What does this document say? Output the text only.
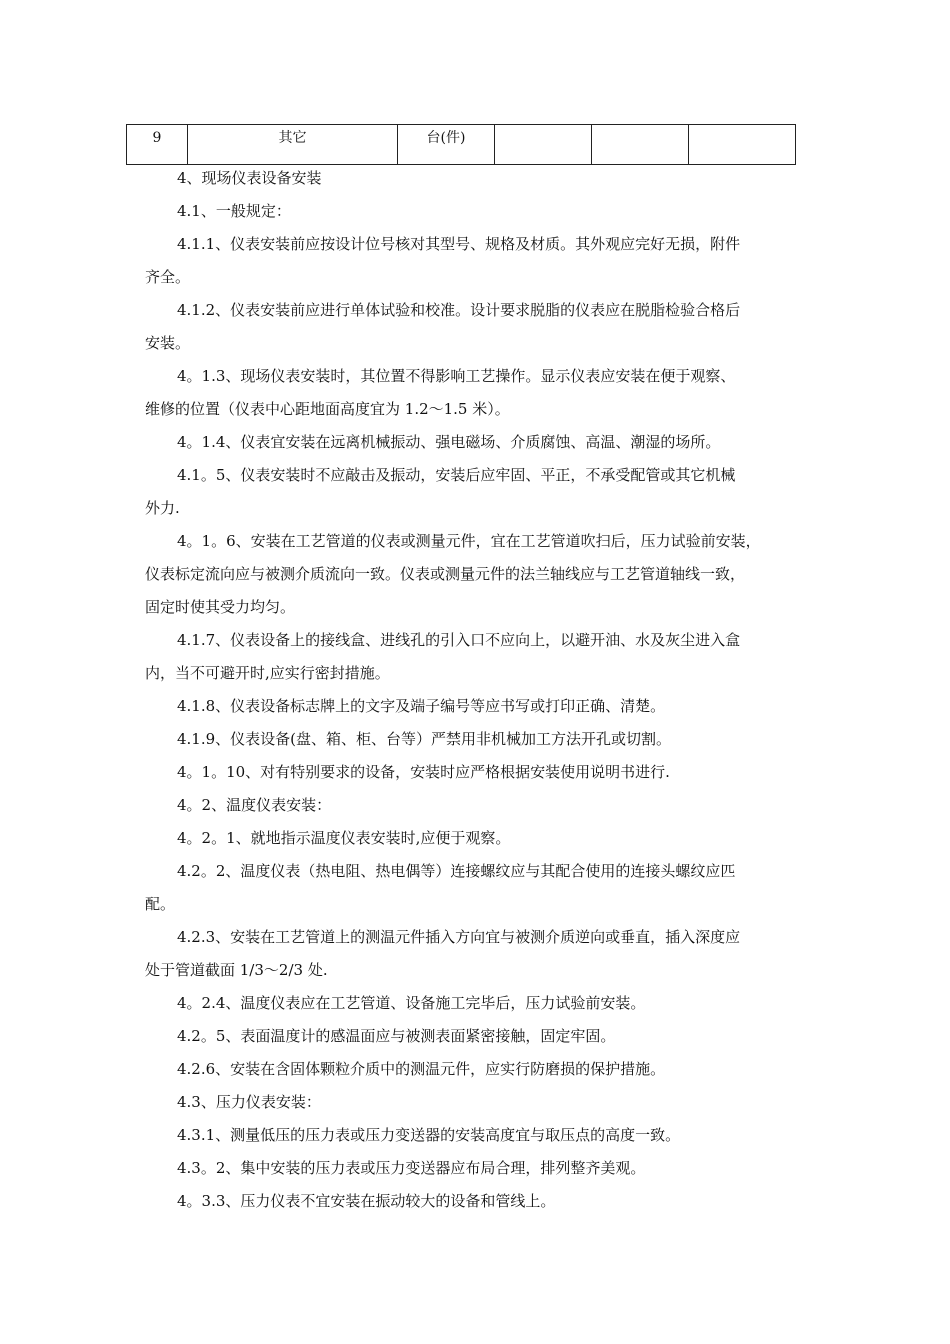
9	其它	台(件)			

4、现场仪表设备安装

4.1、一般规定：

4.1.1、仪表安装前应按设计位号核对其型号、规格及材质。其外观应完好无损，附件

齐全。

4.1.2、仪表安装前应进行单体试验和校准。设计要求脱脂的仪表应在脱脂检验合格后

安装。

4。1.3、现场仪表安装时，其位置不得影响工艺操作。显示仪表应安装在便于观察、

维修的位置（仪表中心距地面高度宜为 1.2～1.5 米）。

4。1.4、仪表宜安装在远离机械振动、强电磁场、介质腐蚀、高温、潮湿的场所。

4.1。5、仪表安装时不应敲击及振动，安装后应牢固、平正，不承受配管或其它机械

外力.

4。1。6、安装在工艺管道的仪表或测量元件，宜在工艺管道吹扫后，压力试验前安装，

仪表标定流向应与被测介质流向一致。仪表或测量元件的法兰轴线应与工艺管道轴线一致，

固定时使其受力均匀。

4.1.7、仪表设备上的接线盒、进线孔的引入口不应向上，以避开油、水及灰尘进入盒

内，当不可避开时,应实行密封措施。

4.1.8、仪表设备标志牌上的文字及端子编号等应书写或打印正确、清楚。

4.1.9、仪表设备(盘、箱、柜、台等）严禁用非机械加工方法开孔或切割。

4。1。10、对有特别要求的设备，安装时应严格根据安装使用说明书进行.

4。2、温度仪表安装：

4。2。1、就地指示温度仪表安装时,应便于观察。

4.2。2、温度仪表（热电阻、热电偶等）连接螺纹应与其配合使用的连接头螺纹应匹

配。

4.2.3、安装在工艺管道上的测温元件插入方向宜与被测介质逆向或垂直，插入深度应

处于管道截面 1/3～2/3 处.

4。2.4、温度仪表应在工艺管道、设备施工完毕后，压力试验前安装。

4.2。5、表面温度计的感温面应与被测表面紧密接触，固定牢固。

4.2.6、安装在含固体颗粒介质中的测温元件，应实行防磨损的保护措施。

4.3、压力仪表安装：

4.3.1、测量低压的压力表或压力变送器的安装高度宜与取压点的高度一致。

4.3。2、集中安装的压力表或压力变送器应布局合理，排列整齐美观。

4。3.3、压力仪表不宜安装在振动较大的设备和管线上。
